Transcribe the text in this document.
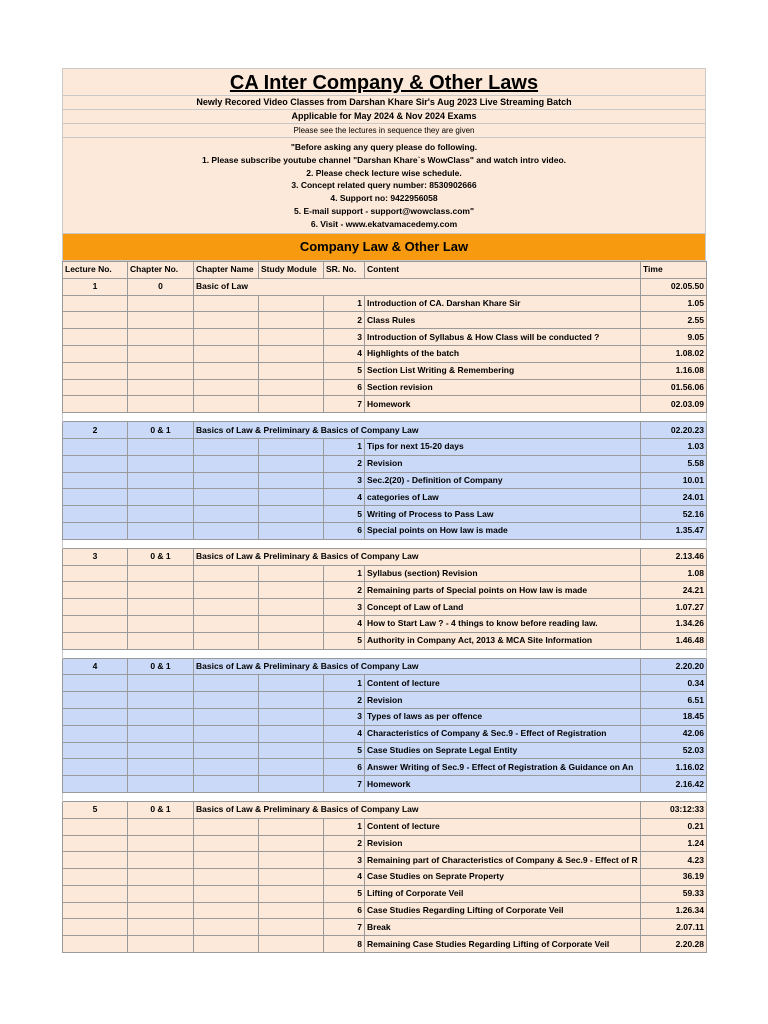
CA Inter Company & Other Laws
Newly Recored Video Classes from Darshan Khare Sir's Aug 2023 Live Streaming Batch
Applicable for May 2024 & Nov 2024 Exams
Please see the lectures in sequence they are given
"Before asking any query please do following.
1. Please subscribe youtube channel "Darshan Khare`s WowClass" and watch intro video.
2. Please check lecture wise schedule.
3. Concept related query number: 8530902666
4. Support no: 9422956058
5. E-mail support - support@wowclass.com"
6. Visit - www.ekatvamacedemy.com
Company Law & Other Law
Lecture No.	Chapter No.	Chapter Name	Study Module	SR. No.	Content	Time
1	0	Basic of Law				02.05.50
				1	Introduction of CA. Darshan Khare Sir	1.05
				2	Class Rules	2.55
				3	Introduction of Syllabus & How Class will be conducted ?	9.05
				4	Highlights of the batch	1.08.02
				5	Section List Writing & Remembering	1.16.08
				6	Section revision	01.56.06
				7	Homework	02.03.09

2	0 & 1	Basics of Law & Preliminary & Basics of Company Law				02.20.23
				1	Tips for next 15-20 days	1.03
				2	Revision	5.58
				3	Sec.2(20) - Definition of Company	10.01
				4	categories of Law	24.01
				5	Writing of Process to Pass Law	52.16
				6	Special points on How law is made	1.35.47

3	0 & 1	Basics of Law & Preliminary & Basics of Company Law				2.13.46
				1	Syllabus (section) Revision	1.08
				2	Remaining parts of Special points on How law is made	24.21
				3	Concept of Law of Land	1.07.27
				4	How to Start Law ? - 4 things to know before reading law.	1.34.26
				5	Authority in Company Act, 2013 & MCA Site Information	1.46.48

4	0 & 1	Basics of Law & Preliminary & Basics of Company Law				2.20.20
				1	Content of lecture	0.34
				2	Revision	6.51
				3	Types of laws as per offence	18.45
				4	Characteristics of Company & Sec.9 - Effect of Registration	42.06
				5	Case Studies on Seprate Legal Entity	52.03
				6	Answer Writing of Sec.9 - Effect of Registration & Guidance on An	1.16.02
				7	Homework	2.16.42

5	0 & 1	Basics of Law & Preliminary & Basics of Company Law				03:12:33
				1	Content of lecture	0.21
				2	Revision	1.24
				3	Remaining part of Characteristics of Company & Sec.9 - Effect of R	4.23
				4	Case Studies on Seprate Property	36.19
				5	Lifting of Corporate Veil	59.33
				6	Case Studies Regarding Lifting of Corporate Veil	1.26.34
				7	Break	2.07.11
				8	Remaining Case Studies Regarding Lifting of Corporate Veil	2.20.28
